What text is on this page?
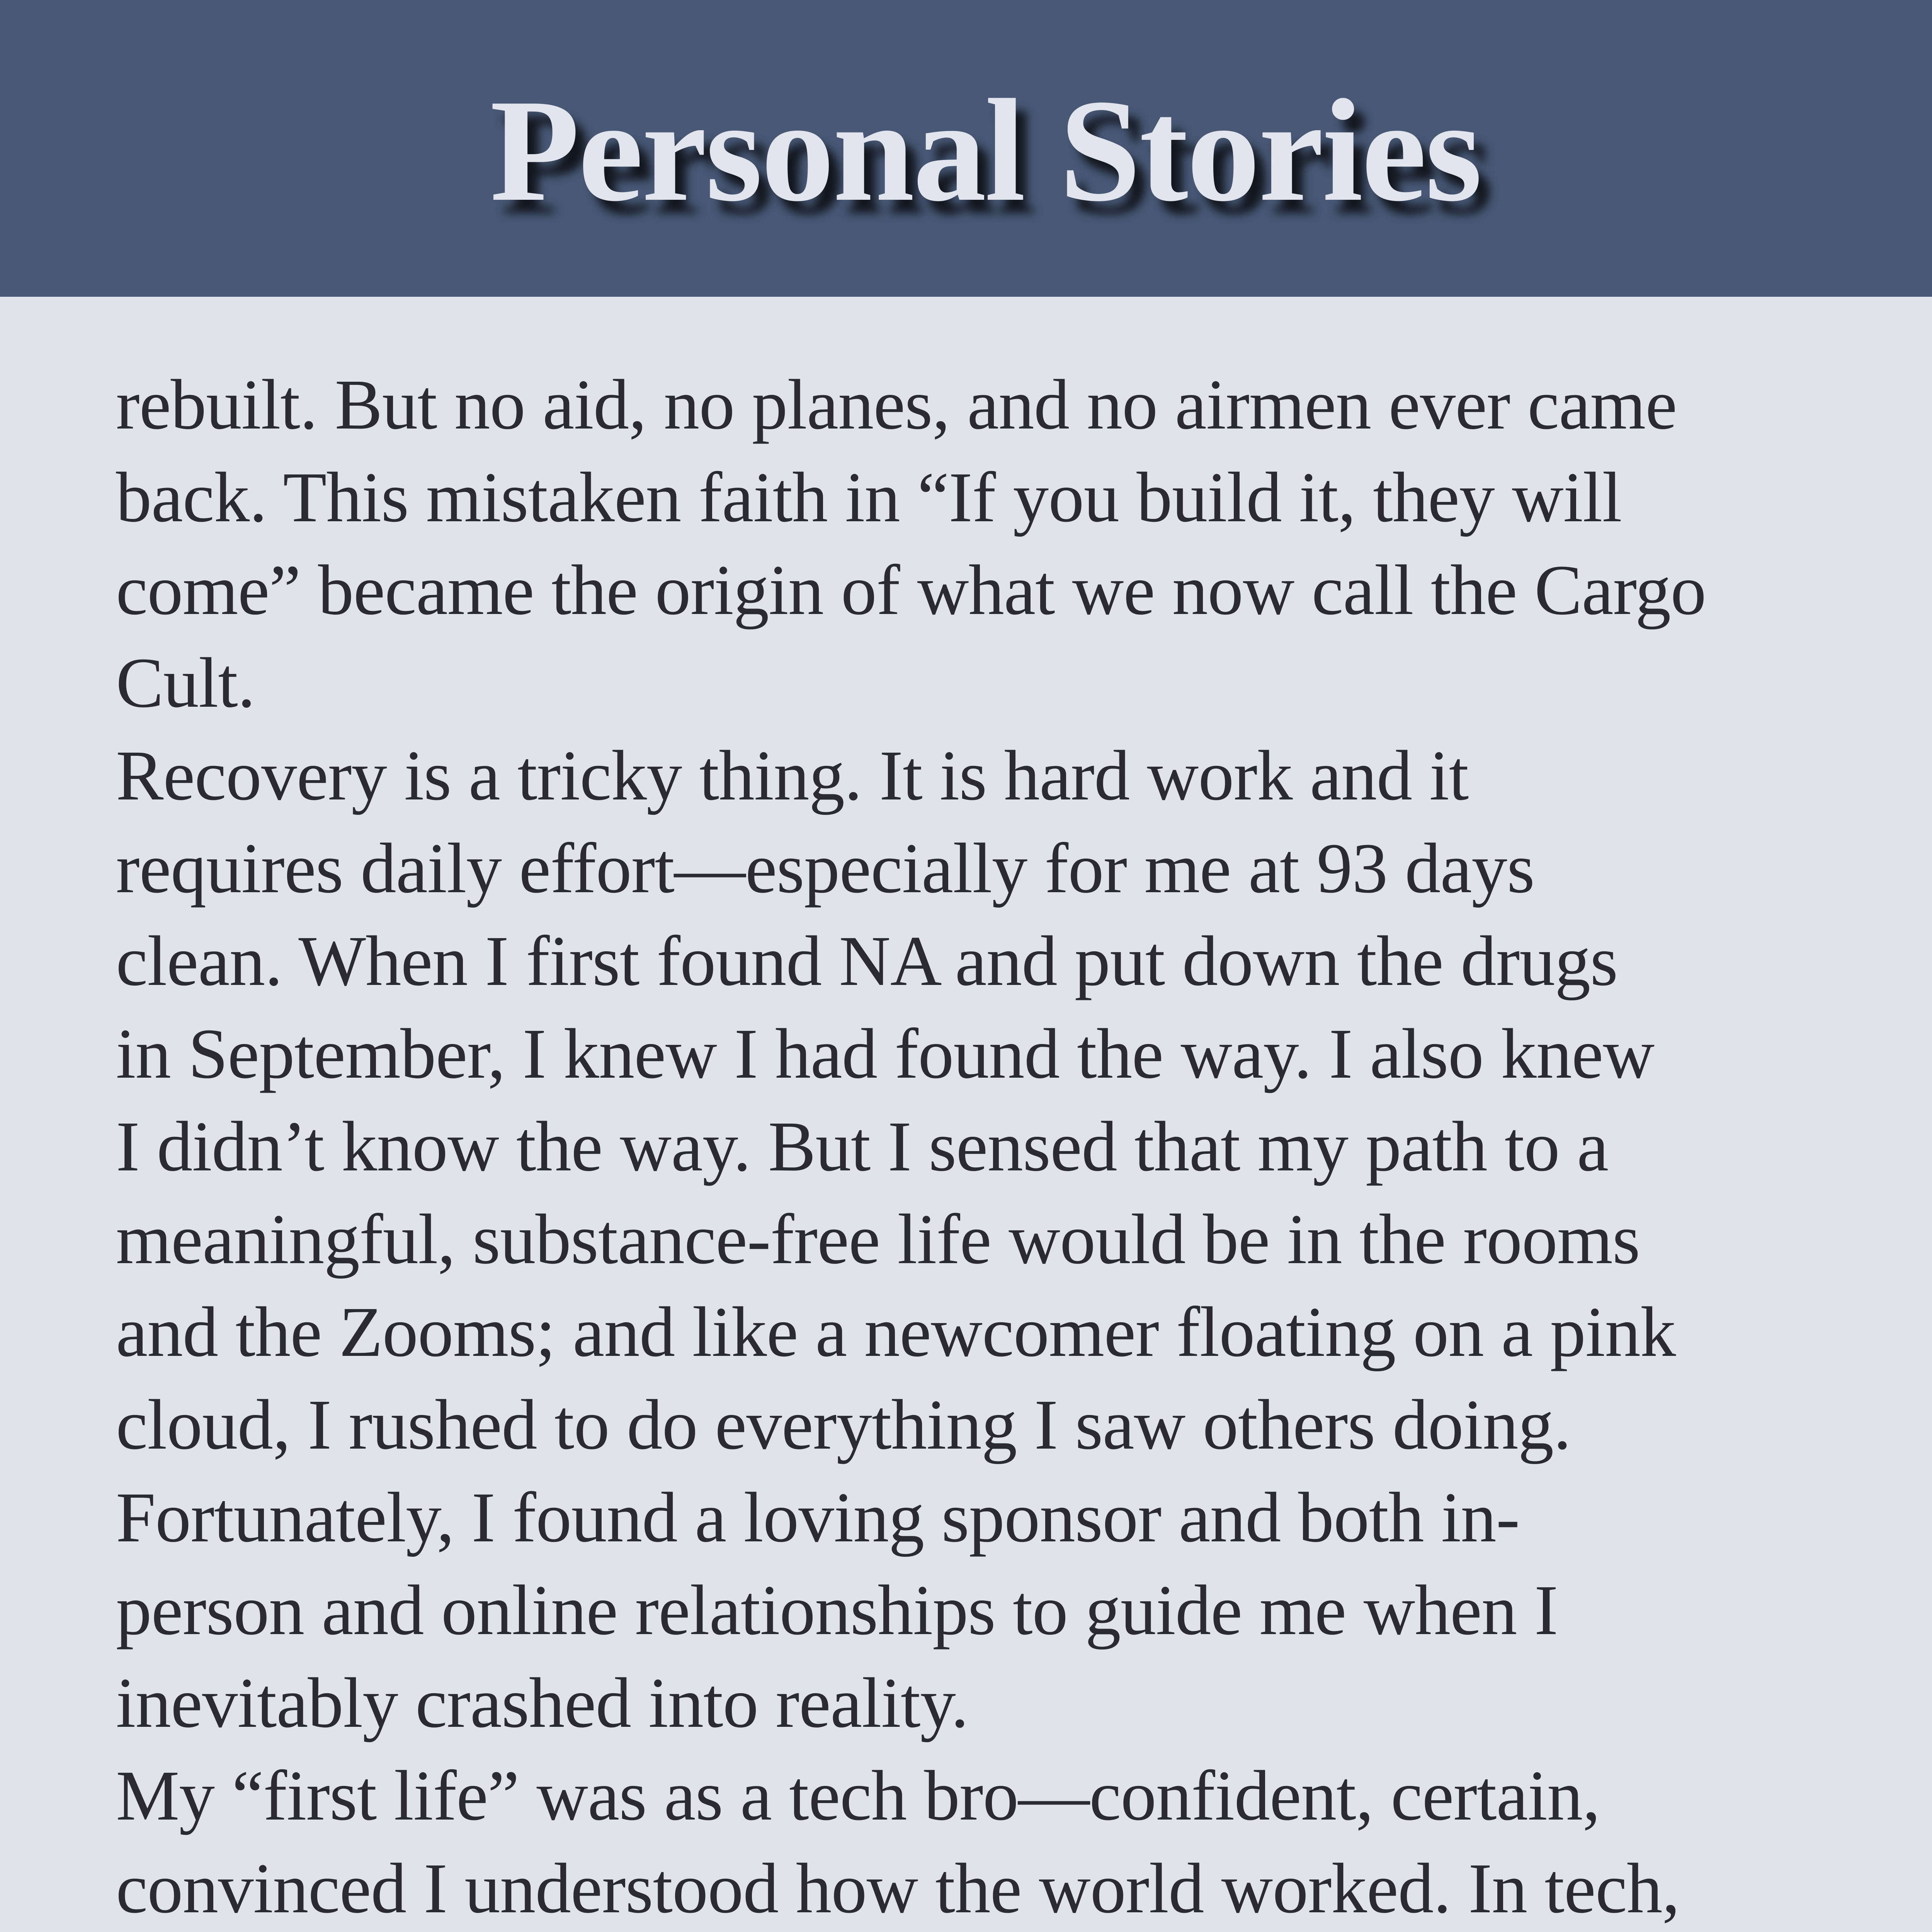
Personal Stories
rebuilt. But no aid, no planes, and no airmen ever came
back. This mistaken faith in “If you build it, they will
come” became the origin of what we now call the Cargo
Cult.
Recovery is a tricky thing. It is hard work and it
requires daily effort—especially for me at 93 days
clean. When I first found NA and put down the drugs
in September, I knew I had found the way. I also knew
I didn’t know the way. But I sensed that my path to a
meaningful, substance-free life would be in the rooms
and the Zooms; and like a newcomer floating on a pink
cloud, I rushed to do everything I saw others doing.
Fortunately, I found a loving sponsor and both in-
person and online relationships to guide me when I
inevitably crashed into reality.
My “first life” was as a tech bro—confident, certain,
convinced I understood how the world worked. In tech,
